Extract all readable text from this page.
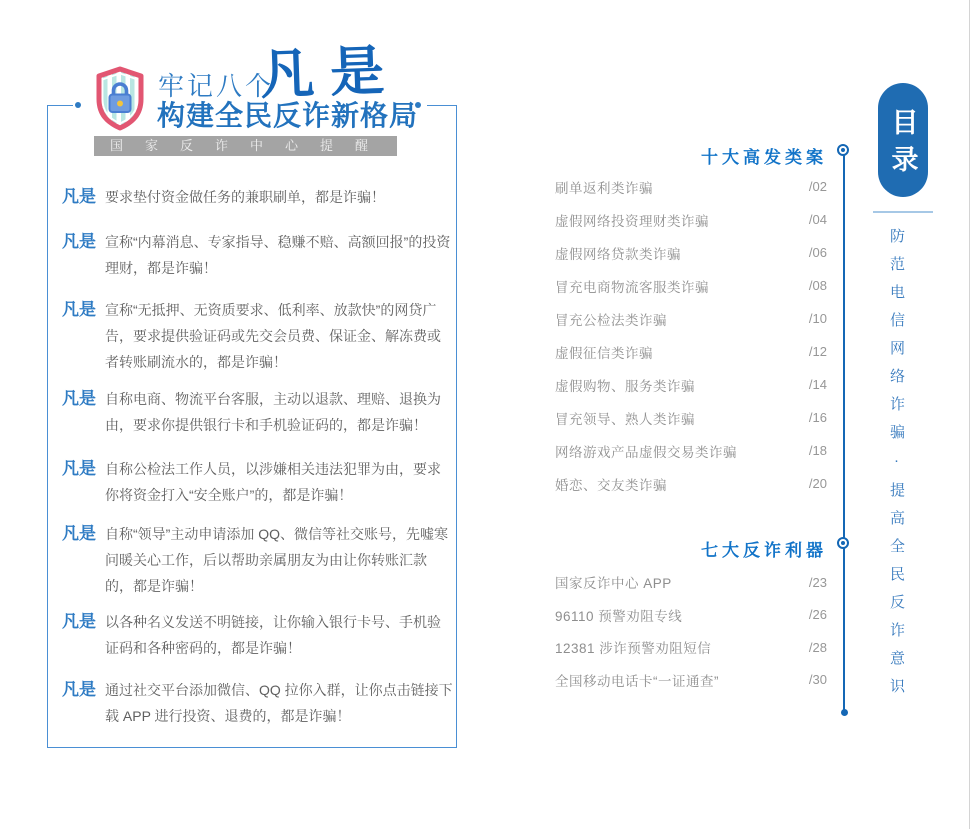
牢记八个
凡是
构建全民反诈新格局
国家反诈中心提醒
凡是 要求垫付资金做任务的兼职刷单，都是诈骗！
凡是 宣称“内幕消息、专家指导、稳赚不赔、高额回报”的投资理财，都是诈骗！
凡是 宣称“无抵押、无资质要求、低利率、放款快”的网贷广告，要求提供验证码或先交会员费、保证金、解冻费或者转账刷流水的，都是诈骗！
凡是 自称电商、物流平台客服，主动以退款、理赔、退换为由，要求你提供银行卡和手机验证码的，都是诈骗！
凡是 自称公检法工作人员，以涉嫌相关违法犯罪为由，要求你将资金打入“安全账户”的，都是诈骗！
凡是 自称“领导”主动申请添加 QQ、微信等社交账号，先嘘寒问暖关心工作，后以帮助亲属朋友为由让你转账汇款的，都是诈骗！
凡是 以各种名义发送不明链接，让你输入银行卡号、手机验证码和各种密码的，都是诈骗！
凡是 通过社交平台添加微信、QQ 拉你入群，让你点击链接下载 APP 进行投资、退费的，都是诈骗！
十大高发类案
刷单返利类诈骗	/02
虚假网络投资理财类诈骗	/04
虚假网络贷款类诈骗	/06
冒充电商物流客服类诈骗	/08
冒充公检法类诈骗	/10
虚假征信类诈骗	/12
虚假购物、服务类诈骗	/14
冒充领导、熟人类诈骗	/16
网络游戏产品虚假交易类诈骗	/18
婚恋、交友类诈骗	/20
七大反诈利器
国家反诈中心 APP	/23
96110 预警劝阻专线	/26
12381 涉诈预警劝阻短信	/28
全国移动电话卡“一证通查”	/30
目录
防范电信网络诈骗·提高全民反诈意识
